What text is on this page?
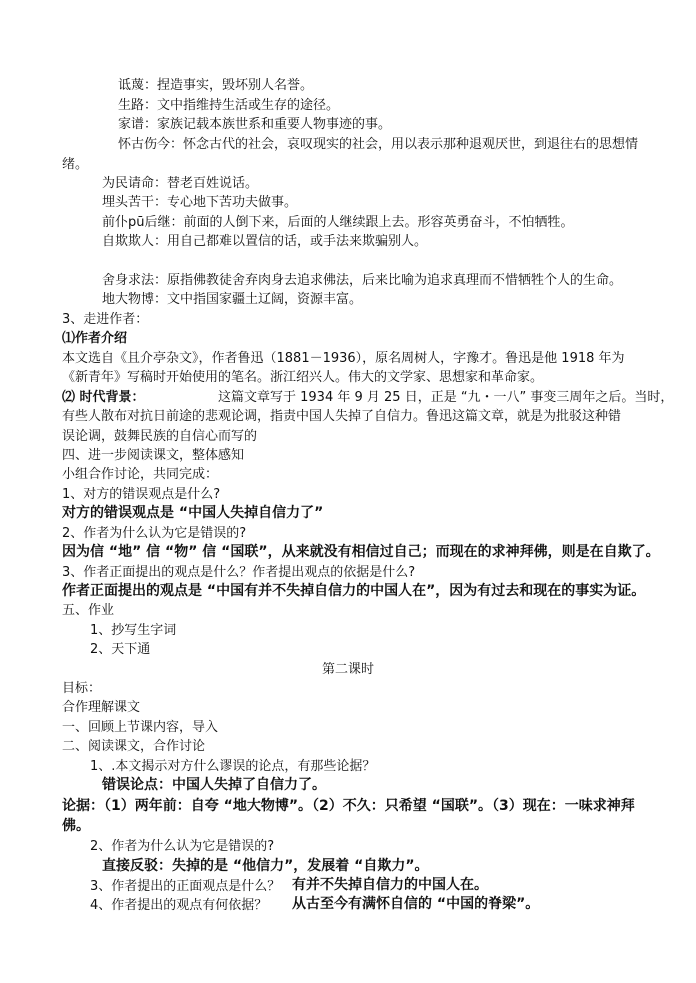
诋蔑：捏造事实，毁坏别人名誉。
生路：文中指维持生活或生存的途径。
家谱：家族记载本族世系和重要人物事迹的事。
怀古伤今：怀念古代的社会，哀叹现实的社会，用以表示那种退观厌世，到退往右的思想情
绪。
为民请命：替老百姓说话。
埋头苦干：专心地下苦功夫做事。
前仆pū后继：前面的人倒下来，后面的人继续跟上去。形容英勇奋斗，不怕牺牲。
自欺欺人：用自己都难以置信的话，或手法来欺骗别人。
舍身求法：原指佛教徒舍弃肉身去追求佛法，后来比喻为追求真理而不惜牺牲个人的生命。
地大物博：文中指国家疆土辽阔，资源丰富。
3、走进作者：
⑴作者介绍
本文选自《且介亭杂文》，作者鲁迅（1881－1936），原名周树人，字豫才。鲁迅是他 1918 年为
《新青年》写稿时开始使用的笔名。浙江绍兴人。伟大的文学家、思想家和革命家。
⑵ 时代背景：	这篇文章写于 1934 年 9 月 25 日，正是 “九・一八” 事变三周年之后。当时，
有些人散布对抗日前途的悲观论调，指责中国人失掉了自信力。鲁迅这篇文章，就是为批驳这种错
误论调，鼓舞民族的自信心而写的
四、进一步阅读课文，整体感知
小组合作讨论，共同完成：
1、对方的错误观点是什么?
对方的错误观点是 “中国人失掉自信力了”
2、作者为什么认为它是错误的?
因为信 “地” 信 “物” 信 “国联”，从来就没有相信过自己；而现在的求神拜佛，则是在自欺了。
3、作者正面提出的观点是什么？作者提出观点的依据是什么?
作者正面提出的观点是 “中国有并不失掉自信力的中国人在”，因为有过去和现在的事实为证。
五、作业
1、抄写生字词
2、天下通
第二课时
目标：
合作理解课文
一、回顾上节课内容，导入
二、阅读课文，合作讨论
1、.本文揭示对方什么谬误的论点，有那些论据？
错误论点：中国人失掉了自信力了。
论据：（1）两年前：自夸 “地大物博”。（2）不久：只希望 “国联”。（3）现在：一味求神拜
佛。
2、作者为什么认为它是错误的?
直接反驳：失掉的是 “他信力”，发展着 “自欺力”。
3、作者提出的正面观点是什么？ 有并不失掉自信力的中国人在。
4、作者提出的观点有何依据？ 从古至今有满怀自信的 “中国的脊梁”。
